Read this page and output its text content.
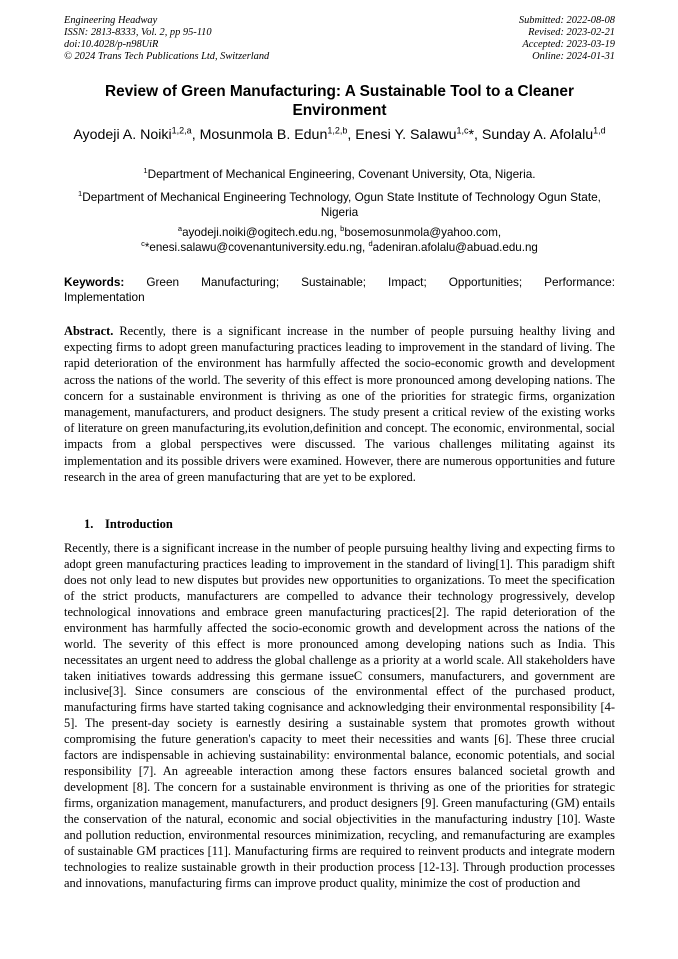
Engineering Headway
ISSN: 2813-8333, Vol. 2, pp 95-110
doi:10.4028/p-n98UiR
© 2024 Trans Tech Publications Ltd, Switzerland
Submitted: 2022-08-08
Revised: 2023-02-21
Accepted: 2023-03-19
Online: 2024-01-31
Review of Green Manufacturing: A Sustainable Tool to a Cleaner Environment
Ayodeji A. Noiki$^{1,2,a}$, Mosunmola B. Edun$^{1,2,b}$, Enesi Y. Salawu$^{1,c}$*, Sunday A. Afolalu$^{1,d}$
$^1$Department of Mechanical Engineering, Covenant University, Ota, Nigeria.
$^1$Department of Mechanical Engineering Technology, Ogun State Institute of Technology Ogun State, Nigeria
$^a$ayodeji.noiki@ogitech.edu.ng, $^b$bosemosunmola@yahoo.com,
$^c$*enesi.salawu@covenantuniversity.edu.ng, $^d$adeniran.afolalu@abuad.edu.ng
Keywords: Green Manufacturing; Sustainable; Impact; Opportunities; Performance:
Implementation

Abstract. Recently, there is a significant increase in the number of people pursuing healthy living and expecting firms to adopt green manufacturing practices leading to improvement in the standard of living. The rapid deterioration of the environment has harmfully affected the socio-economic growth and development across the nations of the world. The severity of this effect is more pronounced among developing nations. The concern for a sustainable environment is thriving as one of the priorities for strategic firms, organization management, manufacturers, and product designers. The study present a critical review of the existing works of literature on green manufacturing,its evolution,definition and concept. The economic, environmental, social impacts from a global perspectives were discussed. The various challenges militating against its implementation and its possible drivers were examined. However, there are numerous opportunities and future research in the area of green manufacturing that are yet to be explored.

1. Introduction

Recently, there is a significant increase in the number of people pursuing healthy living and expecting firms to adopt green manufacturing practices leading to improvement in the standard of living[1]. This paradigm shift does not only lead to new disputes but provides new opportunities to organizations. To meet the specification of the strict products, manufacturers are compelled to advance their technology progressively, develop technological innovations and embrace green manufacturing practices[2]. The rapid deterioration of the environment has harmfully affected the socio-economic growth and development across the nations of the world. The severity of this effect is more pronounced among developing nations such as India. This necessitates an urgent need to address the global challenge as a priority at a world scale. All stakeholders have taken initiatives towards addressing this germane issueC consumers, manufacturers, and government are inclusive[3]. Since consumers are conscious of the environmental effect of the purchased product, manufacturing firms have started taking cognisance and acknowledging their environmental responsibility [4-5]. The present-day society is earnestly desiring a sustainable system that promotes growth without compromising the future generation's capacity to meet their necessities and wants [6]. These three crucial factors are indispensable in achieving sustainability: environmental balance, economic potentials, and social responsibility [7]. An agreeable interaction among these factors ensures balanced societal growth and development [8]. The concern for a sustainable environment is thriving as one of the priorities for strategic firms, organization management, manufacturers, and product designers [9]. Green manufacturing (GM) entails the conservation of the natural, economic and social objectivities in the manufacturing industry [10]. Waste and pollution reduction, environmental resources minimization, recycling, and remanufacturing are examples of sustainable GM practices [11]. Manufacturing firms are required to reinvent products and integrate modern technologies to realize sustainable growth in their production process [12-13]. Through production processes and innovations, manufacturing firms can improve product quality, minimize the cost of production and
